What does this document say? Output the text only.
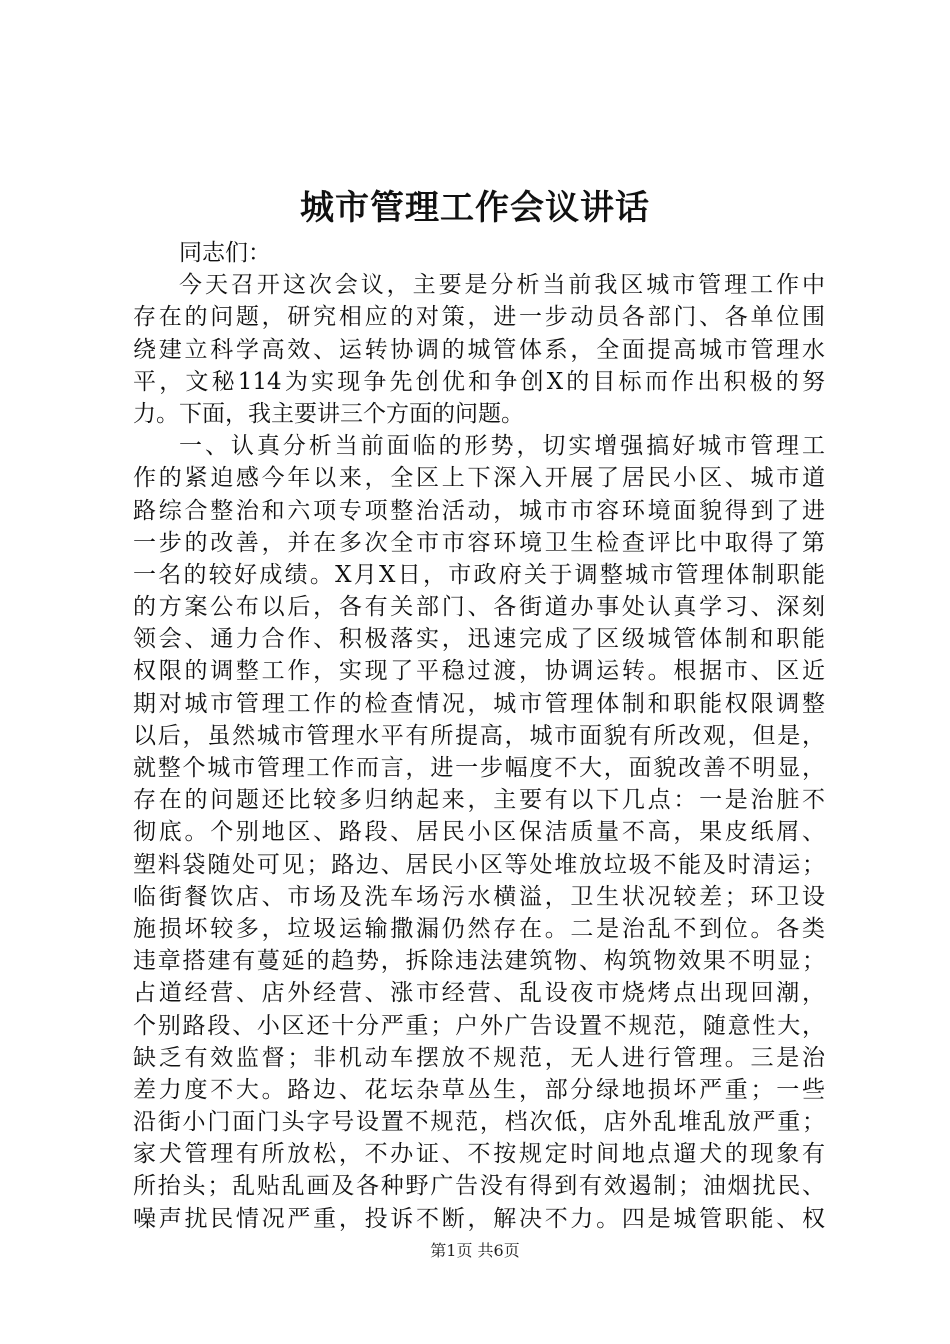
城市管理工作会议讲话
同志们：
今天召开这次会议，主要是分析当前我区城市管理工作中
存在的问题，研究相应的对策，进一步动员各部门、各单位围
绕建立科学高效、运转协调的城管体系，全面提高城市管理水
平，文秘114为实现争先创优和争创X的目标而作出积极的努
力。下面，我主要讲三个方面的问题。
一、认真分析当前面临的形势，切实增强搞好城市管理工
作的紧迫感今年以来，全区上下深入开展了居民小区、城市道
路综合整治和六项专项整治活动，城市市容环境面貌得到了进
一步的改善，并在多次全市市容环境卫生检查评比中取得了第
一名的较好成绩。X月X日，市政府关于调整城市管理体制职能
的方案公布以后，各有关部门、各街道办事处认真学习、深刻
领会、通力合作、积极落实，迅速完成了区级城管体制和职能
权限的调整工作，实现了平稳过渡，协调运转。根据市、区近
期对城市管理工作的检查情况，城市管理体制和职能权限调整
以后，虽然城市管理水平有所提高，城市面貌有所改观，但是，
就整个城市管理工作而言，进一步幅度不大，面貌改善不明显，
存在的问题还比较多归纳起来，主要有以下几点：一是治脏不
彻底。个别地区、路段、居民小区保洁质量不高，果皮纸屑、
塑料袋随处可见；路边、居民小区等处堆放垃圾不能及时清运；
临街餐饮店、市场及洗车场污水横溢，卫生状况较差；环卫设
施损坏较多，垃圾运输撒漏仍然存在。二是治乱不到位。各类
违章搭建有蔓延的趋势，拆除违法建筑物、构筑物效果不明显；
占道经营、店外经营、涨市经营、乱设夜市烧烤点出现回潮，
个别路段、小区还十分严重；户外广告设置不规范，随意性大，
缺乏有效监督；非机动车摆放不规范，无人进行管理。三是治
差力度不大。路边、花坛杂草丛生，部分绿地损坏严重；一些
沿街小门面门头字号设置不规范，档次低，店外乱堆乱放严重；
家犬管理有所放松，不办证、不按规定时间地点遛犬的现象有
所抬头；乱贴乱画及各种野广告没有得到有效遏制；油烟扰民、
噪声扰民情况严重，投诉不断，解决不力。四是城管职能、权
第1页 共6页
